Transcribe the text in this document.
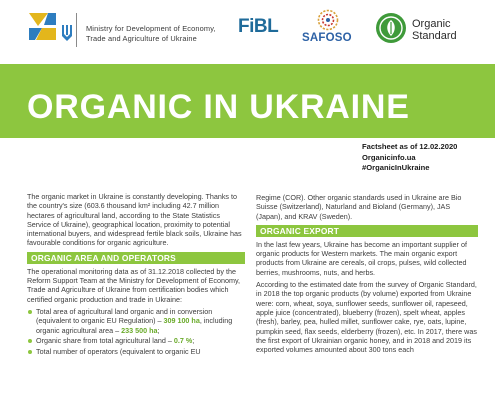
Ministry for Development of Economy,
Trade and Agriculture of Ukraine
FiBL
SAFOSO
Organic
Standard
ORGANIC IN UKRAINE
Factsheet as of 12.02.2020
Organicinfo.ua
#OrganicInUkraine

The organic market in Ukraine is constantly developing. Thanks to the country's size (603.6 thousand km² including 42.7 million hectares of agricultural land, according to the State Statistics Service of Ukraine), geographical location, proximity to potential international buyers, and widespread fertile black soils, Ukraine has favourable conditions for organic agriculture.

ORGANIC AREA AND OPERATORS

The operational monitoring data as of 31.12.2018 collected by the Reform Support Team at the Ministry for Development of Economy, Trade and Agriculture of Ukraine from certification bodies which certified organic production and trade in Ukraine:

Total area of agricultural land organic and in conversion (equivalent to organic EU Regulation) – 309 100 ha, including organic agricultural area – 233 500 ha;
Organic share from total agricultural land – 0.7 %;
Total number of operators (equivalent to organic EU

Regime (COR). Other organic standards used in Ukraine are Bio Suisse (Switzerland), Naturland and Bioland (Germany), JAS (Japan), and KRAV (Sweden).

ORGANIC EXPORT

In the last few years, Ukraine has become an important supplier of organic products for Western markets. The main organic export products from Ukraine are cereals, oil crops, pulses, wild collected berries, mushrooms, nuts, and herbs.

According to the estimated date from the survey of Organic Standard, in 2018 the top organic products (by volume) exported from Ukraine were: corn, wheat, soya, sunflower seeds, sunflower oil, rapeseed, apple juice (concentrated), blueberry (frozen), spelt wheat, apples (fresh), barley, pea, hulled millet, sunflower cake, rye, oats, lupine, pumpkin seed, flax seeds, elderberry (frozen), etc. In 2017, there was the first export of Ukrainian organic honey, and in 2018 and 2019 its exported volumes amounted about 300 tons each
